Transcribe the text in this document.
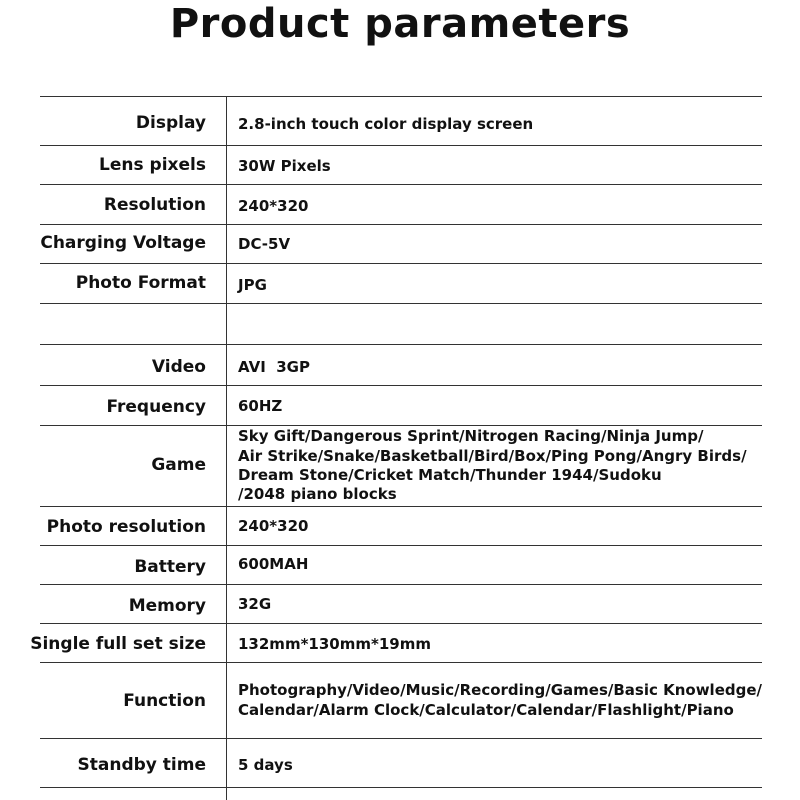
Product parameters
Display 2.8-inch touch color display screen
Lens pixels 30W Pixels
Resolution 240*320
Charging Voltage DC-5V
Photo Format JPG
Video AVI  3GP
Frequency 60HZ
Game
Sky Gift/Dangerous Sprint/Nitrogen Racing/Ninja Jump/
Air Strike/Snake/Basketball/Bird/Box/Ping Pong/Angry Birds/
Dream Stone/Cricket Match/Thunder 1944/Sudoku
/2048 piano blocks
Photo resolution 240*320
Battery 600MAH
Memory 32G
Single full set size 132mm*130mm*19mm
Function
Photography/Video/Music/Recording/Games/Basic Knowledge/
Calendar/Alarm Clock/Calculator/Calendar/Flashlight/Piano
Standby time 5 days
